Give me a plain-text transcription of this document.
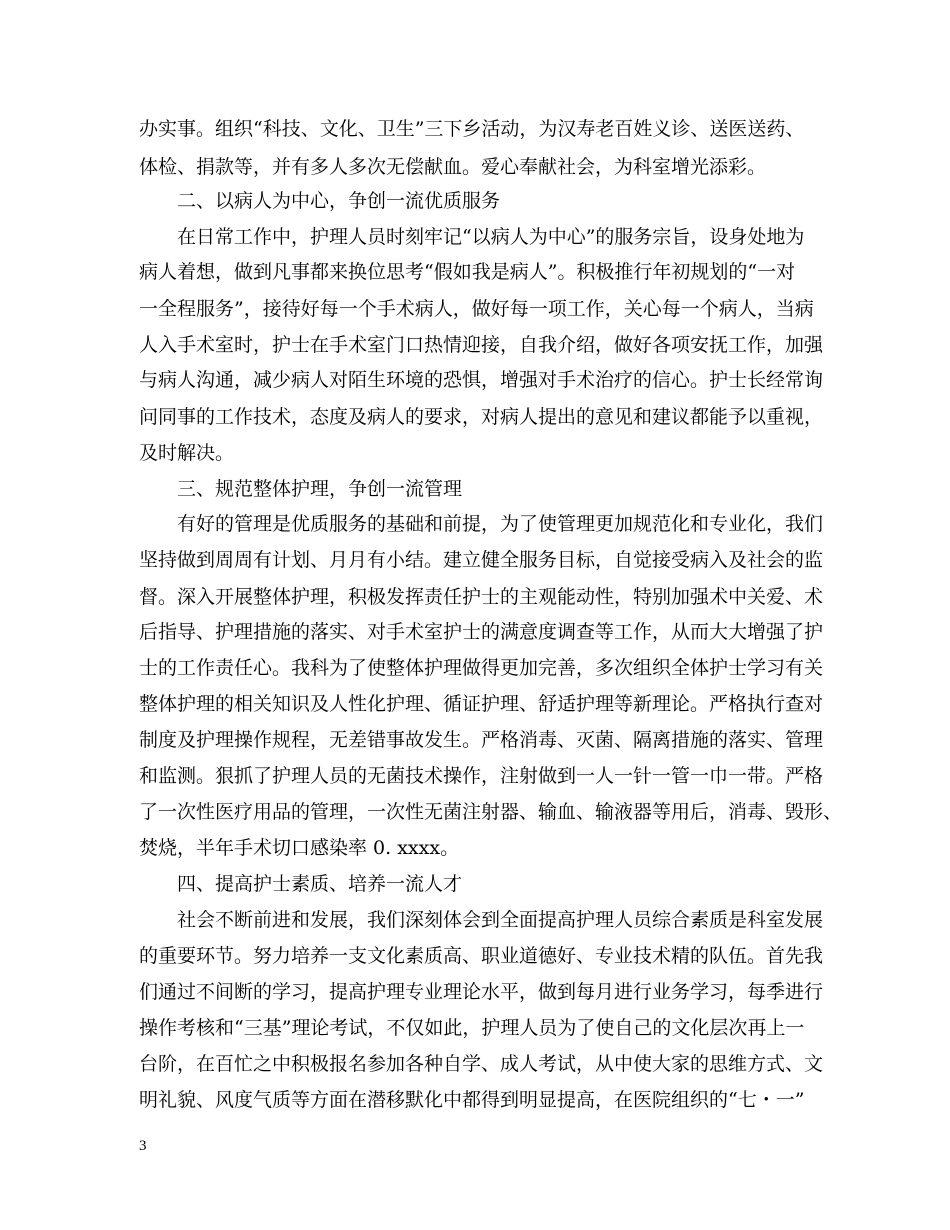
办实事。组织“科技、文化、卫生”三下乡活动，为汉寿老百姓义诊、送医送药、
体检、捐款等，并有多人多次无偿献血。爱心奉献社会，为科室增光添彩。
二、以病人为中心，争创一流优质服务
在日常工作中，护理人员时刻牢记“以病人为中心”的服务宗旨，设身处地为
病人着想，做到凡事都来换位思考“假如我是病人”。积极推行年初规划的“一对
一全程服务”，接待好每一个手术病人，做好每一项工作，关心每一个病人，当病
人入手术室时，护士在手术室门口热情迎接，自我介绍，做好各项安抚工作，加强
与病人沟通，减少病人对陌生环境的恐惧，增强对手术治疗的信心。护士长经常询
问同事的工作技术，态度及病人的要求，对病人提出的意见和建议都能予以重视，
及时解决。
三、规范整体护理，争创一流管理
有好的管理是优质服务的基础和前提，为了使管理更加规范化和专业化，我们
坚持做到周周有计划、月月有小结。建立健全服务目标，自觉接受病入及社会的监
督。深入开展整体护理，积极发挥责任护士的主观能动性，特别加强术中关爱、术
后指导、护理措施的落实、对手术室护士的满意度调查等工作，从而大大增强了护
士的工作责任心。我科为了使整体护理做得更加完善，多次组织全体护士学习有关
整体护理的相关知识及人性化护理、循证护理、舒适护理等新理论。严格执行查对
制度及护理操作规程，无差错事故发生。严格消毒、灭菌、隔离措施的落实、管理
和监测。狠抓了护理人员的无菌技术操作，注射做到一人一针一管一巾一带。严格
了一次性医疗用品的管理，一次性无菌注射器、输血、输液器等用后，消毒、毁形、
焚烧，半年手术切口感染率 0. xxxx。
四、提高护士素质、培养一流人才
社会不断前进和发展，我们深刻体会到全面提高护理人员综合素质是科室发展
的重要环节。努力培养一支文化素质高、职业道德好、专业技术精的队伍。首先我
们通过不间断的学习，提高护理专业理论水平，做到每月进行业务学习，每季进行
操作考核和“三基”理论考试，不仅如此，护理人员为了使自己的文化层次再上一
台阶，在百忙之中积极报名参加各种自学、成人考试，从中使大家的思维方式、文
明礼貌、风度气质等方面在潜移默化中都得到明显提高，在医院组织的“七・一”
3
